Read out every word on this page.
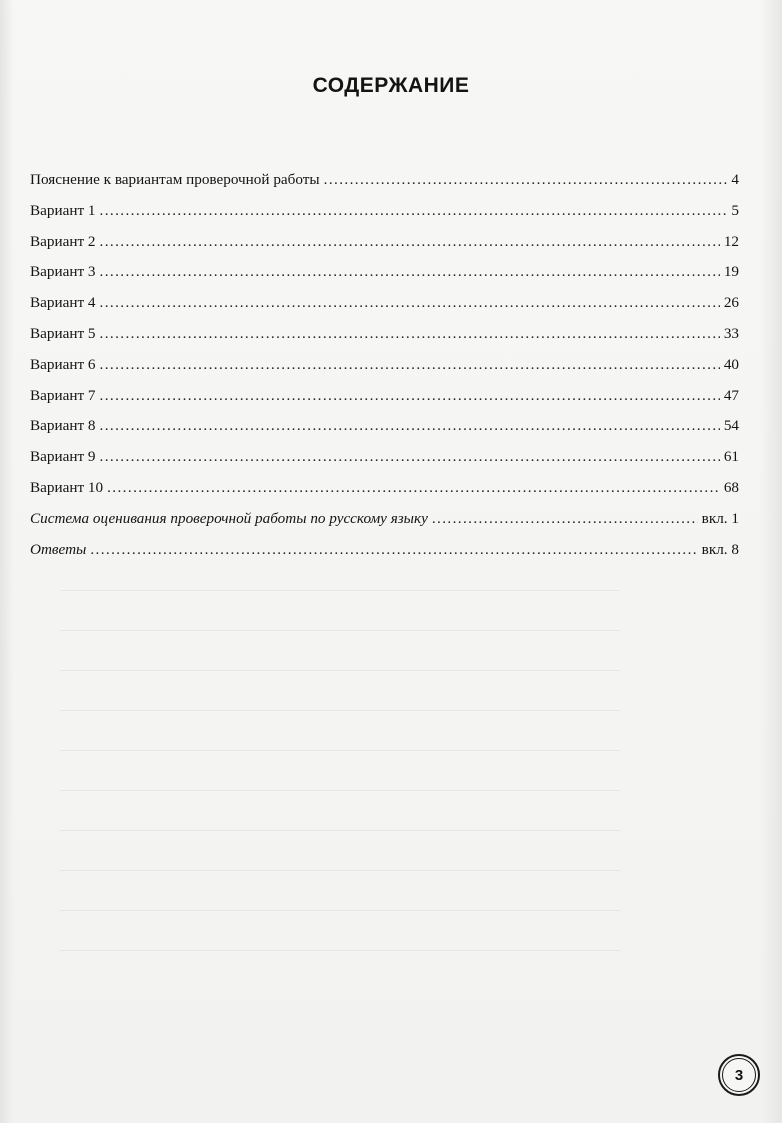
СОДЕРЖАНИЕ
Пояснение к вариантам проверочной работы . . .	4
Вариант 1 . . .	5
Вариант 2 . . .	12
Вариант 3 . . .	19
Вариант 4 . . .	26
Вариант 5 . . .	33
Вариант 6 . . .	40
Вариант 7 . . .	47
Вариант 8 . . .	54
Вариант 9 . . .	61
Вариант 10 . . .	68
Система оценивания проверочной работы по русскому языку . . .	вкл. 1
Ответы . . .	вкл. 8
3
